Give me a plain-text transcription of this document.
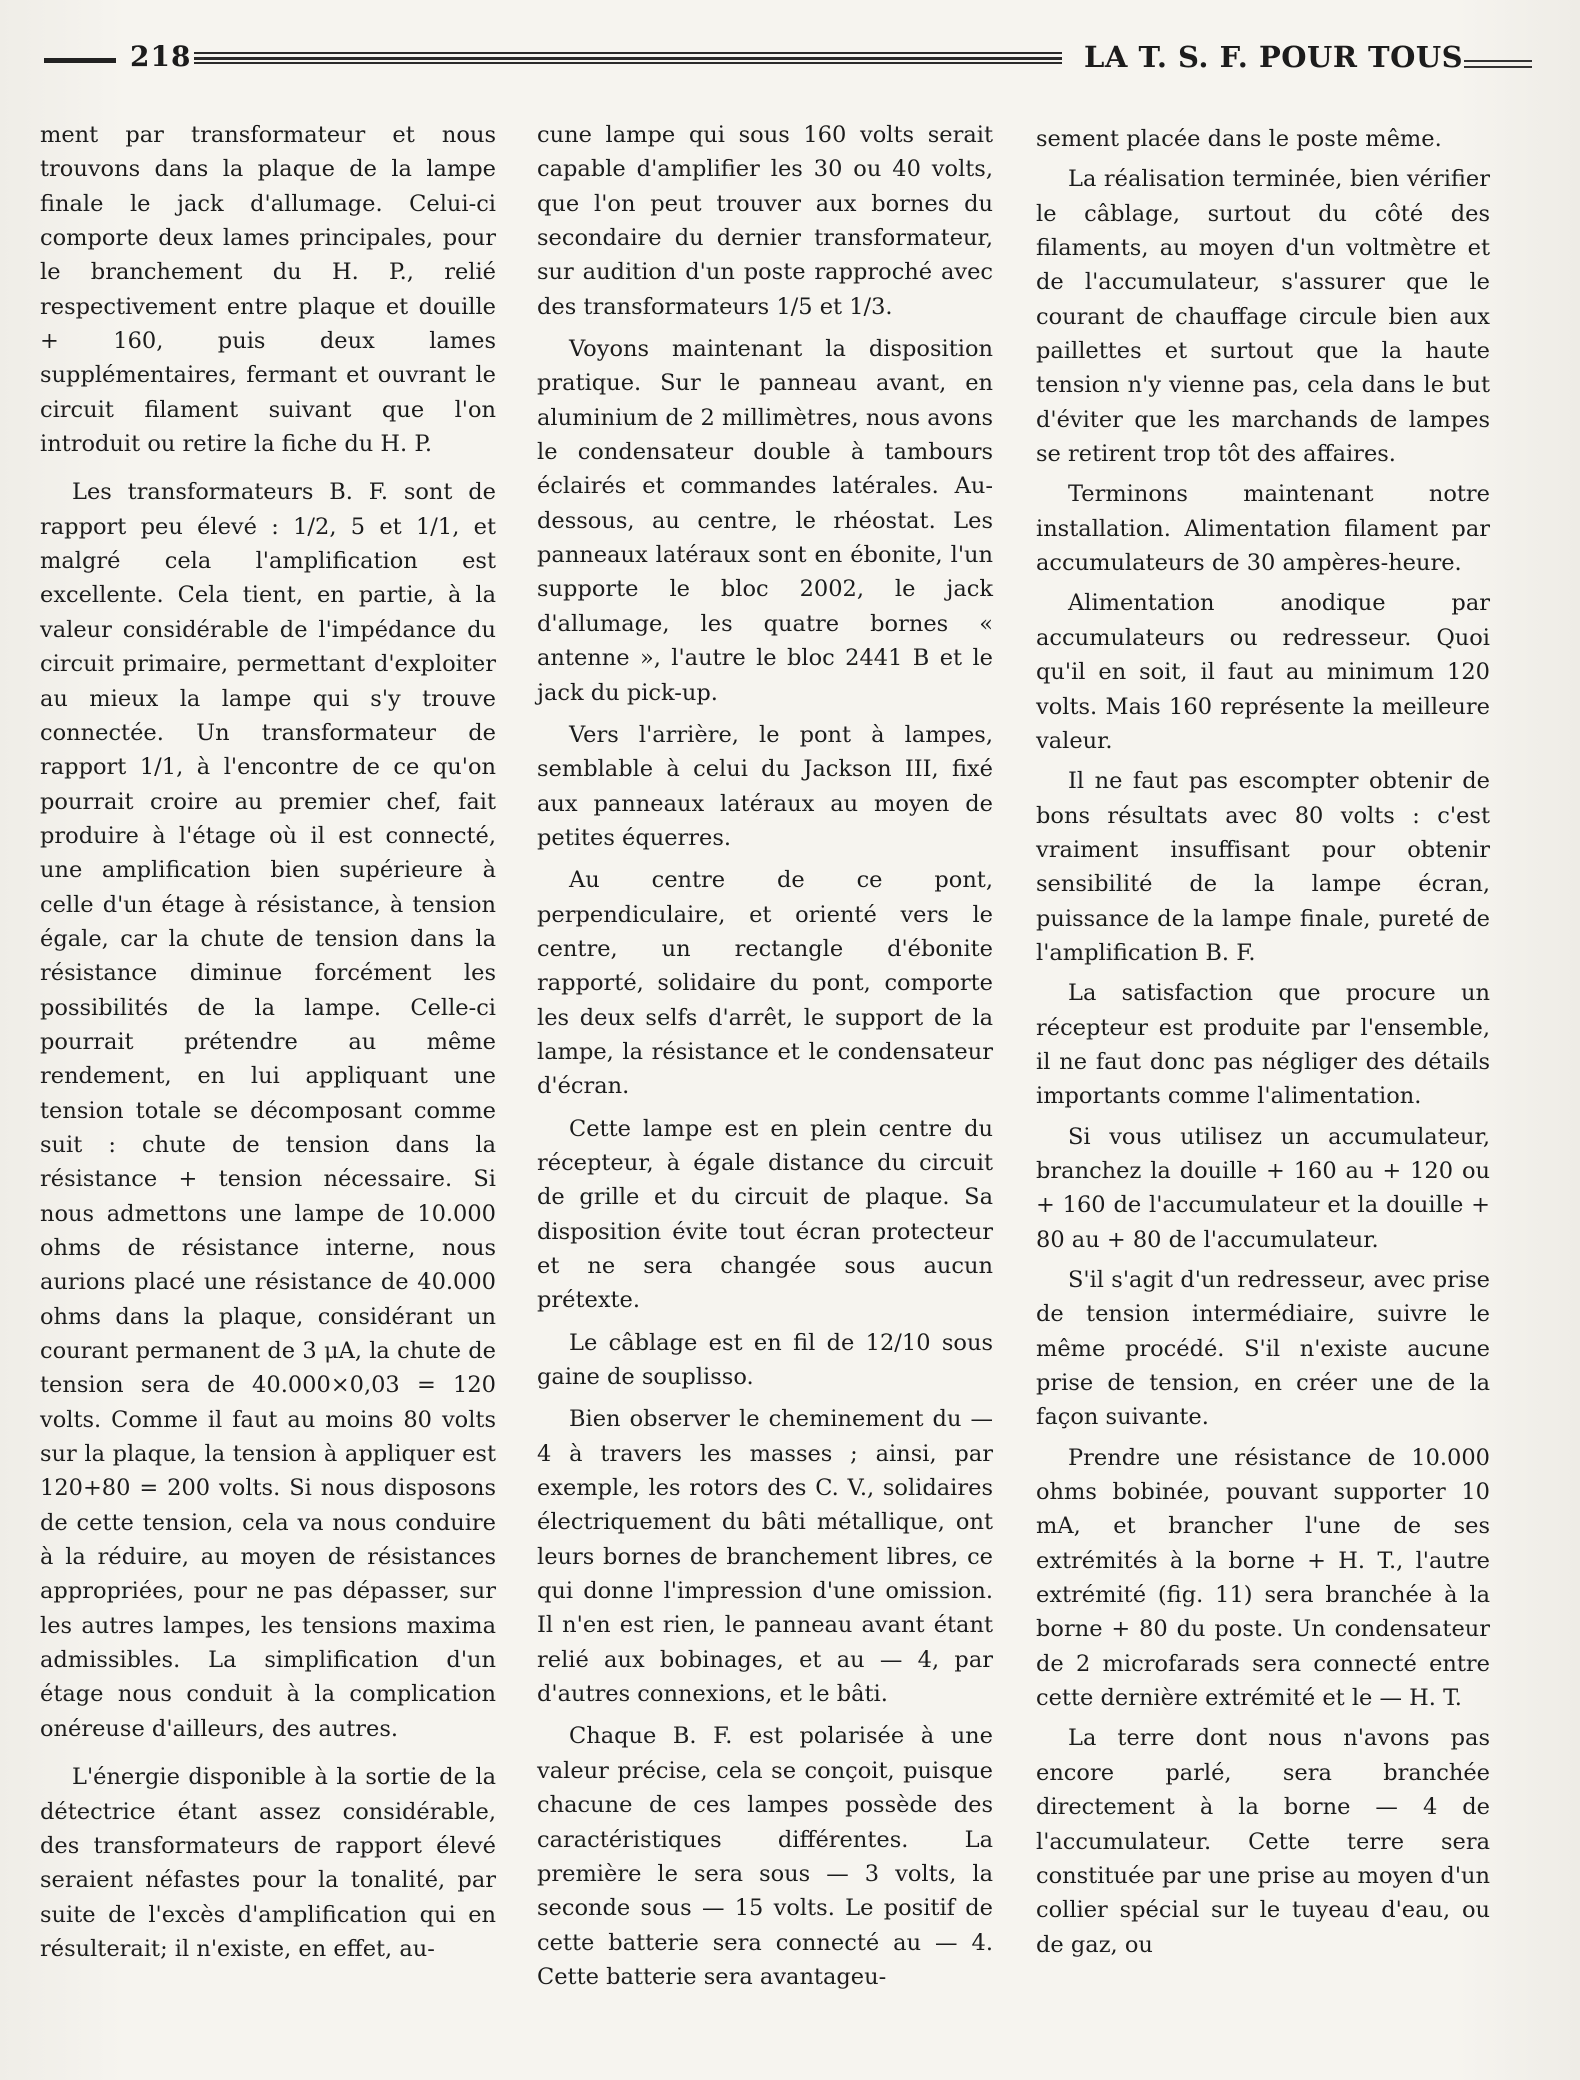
218	LA T. S. F. POUR TOUS

ment par transformateur et nous trouvons dans la plaque de la lampe finale le jack d'allumage. Celui-ci comporte deux lames principales, pour le branchement du H. P., relié respectivement entre plaque et douille + 160, puis deux lames supplémentaires, fermant et ouvrant le circuit filament suivant que l'on introduit ou retire la fiche du H. P.

Les transformateurs B. F. sont de rapport peu élevé : 1/2, 5 et 1/1, et malgré cela l'amplification est excellente. Cela tient, en partie, à la valeur considérable de l'impédance du circuit primaire, permettant d'exploiter au mieux la lampe qui s'y trouve connectée. Un transformateur de rapport 1/1, à l'encontre de ce qu'on pourrait croire au premier chef, fait produire à l'étage où il est connecté, une amplification bien supérieure à celle d'un étage à résistance, à tension égale, car la chute de tension dans la résistance diminue forcément les possibilités de la lampe. Celle-ci pourrait prétendre au même rendement, en lui appliquant une tension totale se décomposant comme suit : chute de tension dans la résistance + tension nécessaire. Si nous admettons une lampe de 10.000 ohms de résistance interne, nous aurions placé une résistance de 40.000 ohms dans la plaque, considérant un courant permanent de 3 μA, la chute de tension sera de 40.000×0,03 = 120 volts. Comme il faut au moins 80 volts sur la plaque, la tension à appliquer est 120+80 = 200 volts. Si nous disposons de cette tension, cela va nous conduire à la réduire, au moyen de résistances appropriées, pour ne pas dépasser, sur les autres lampes, les tensions maxima admissibles. La simplification d'un étage nous conduit à la complication onéreuse d'ailleurs, des autres.

L'énergie disponible à la sortie de la détectrice étant assez considérable, des transformateurs de rapport élevé seraient néfastes pour la tonalité, par suite de l'excès d'amplification qui en résulterait; il n'existe, en effet, au-

cune lampe qui sous 160 volts serait capable d'amplifier les 30 ou 40 volts, que l'on peut trouver aux bornes du secondaire du dernier transformateur, sur audition d'un poste rapproché avec des transformateurs 1/5 et 1/3.

Voyons maintenant la disposition pratique. Sur le panneau avant, en aluminium de 2 millimètres, nous avons le condensateur double à tambours éclairés et commandes latérales. Au-dessous, au centre, le rhéostat. Les panneaux latéraux sont en ébonite, l'un supporte le bloc 2002, le jack d'allumage, les quatre bornes « antenne », l'autre le bloc 2441 B et le jack du pick-up.

Vers l'arrière, le pont à lampes, semblable à celui du Jackson III, fixé aux panneaux latéraux au moyen de petites équerres.

Au centre de ce pont, perpendiculaire, et orienté vers le centre, un rectangle d'ébonite rapporté, solidaire du pont, comporte les deux selfs d'arrêt, le support de la lampe, la résistance et le condensateur d'écran.

Cette lampe est en plein centre du récepteur, à égale distance du circuit de grille et du circuit de plaque. Sa disposition évite tout écran protecteur et ne sera changée sous aucun prétexte.

Le câblage est en fil de 12/10 sous gaine de souplisso.

Bien observer le cheminement du — 4 à travers les masses ; ainsi, par exemple, les rotors des C. V., solidaires électriquement du bâti métallique, ont leurs bornes de branchement libres, ce qui donne l'impression d'une omission. Il n'en est rien, le panneau avant étant relié aux bobinages, et au — 4, par d'autres connexions, et le bâti.

Chaque B. F. est polarisée à une valeur précise, cela se conçoit, puisque chacune de ces lampes possède des caractéristiques différentes. La première le sera sous — 3 volts, la seconde sous — 15 volts. Le positif de cette batterie sera connecté au — 4. Cette batterie sera avantageu-

sement placée dans le poste même.

La réalisation terminée, bien vérifier le câblage, surtout du côté des filaments, au moyen d'un voltmètre et de l'accumulateur, s'assurer que le courant de chauffage circule bien aux paillettes et surtout que la haute tension n'y vienne pas, cela dans le but d'éviter que les marchands de lampes se retirent trop tôt des affaires.

Terminons maintenant notre installation. Alimentation filament par accumulateurs de 30 ampères-heure.

Alimentation anodique par accumulateurs ou redresseur. Quoi qu'il en soit, il faut au minimum 120 volts. Mais 160 représente la meilleure valeur.

Il ne faut pas escompter obtenir de bons résultats avec 80 volts : c'est vraiment insuffisant pour obtenir sensibilité de la lampe écran, puissance de la lampe finale, pureté de l'amplification B. F.

La satisfaction que procure un récepteur est produite par l'ensemble, il ne faut donc pas négliger des détails importants comme l'alimentation.

Si vous utilisez un accumulateur, branchez la douille + 160 au + 120 ou + 160 de l'accumulateur et la douille + 80 au + 80 de l'accumulateur.

S'il s'agit d'un redresseur, avec prise de tension intermédiaire, suivre le même procédé. S'il n'existe aucune prise de tension, en créer une de la façon suivante.

Prendre une résistance de 10.000 ohms bobinée, pouvant supporter 10 mA, et brancher l'une de ses extrémités à la borne + H. T., l'autre extrémité (fig. 11) sera branchée à la borne + 80 du poste. Un condensateur de 2 microfarads sera connecté entre cette dernière extrémité et le — H. T.

La terre dont nous n'avons pas encore parlé, sera branchée directement à la borne — 4 de l'accumulateur. Cette terre sera constituée par une prise au moyen d'un collier spécial sur le tuyeau d'eau, ou de gaz, ou
